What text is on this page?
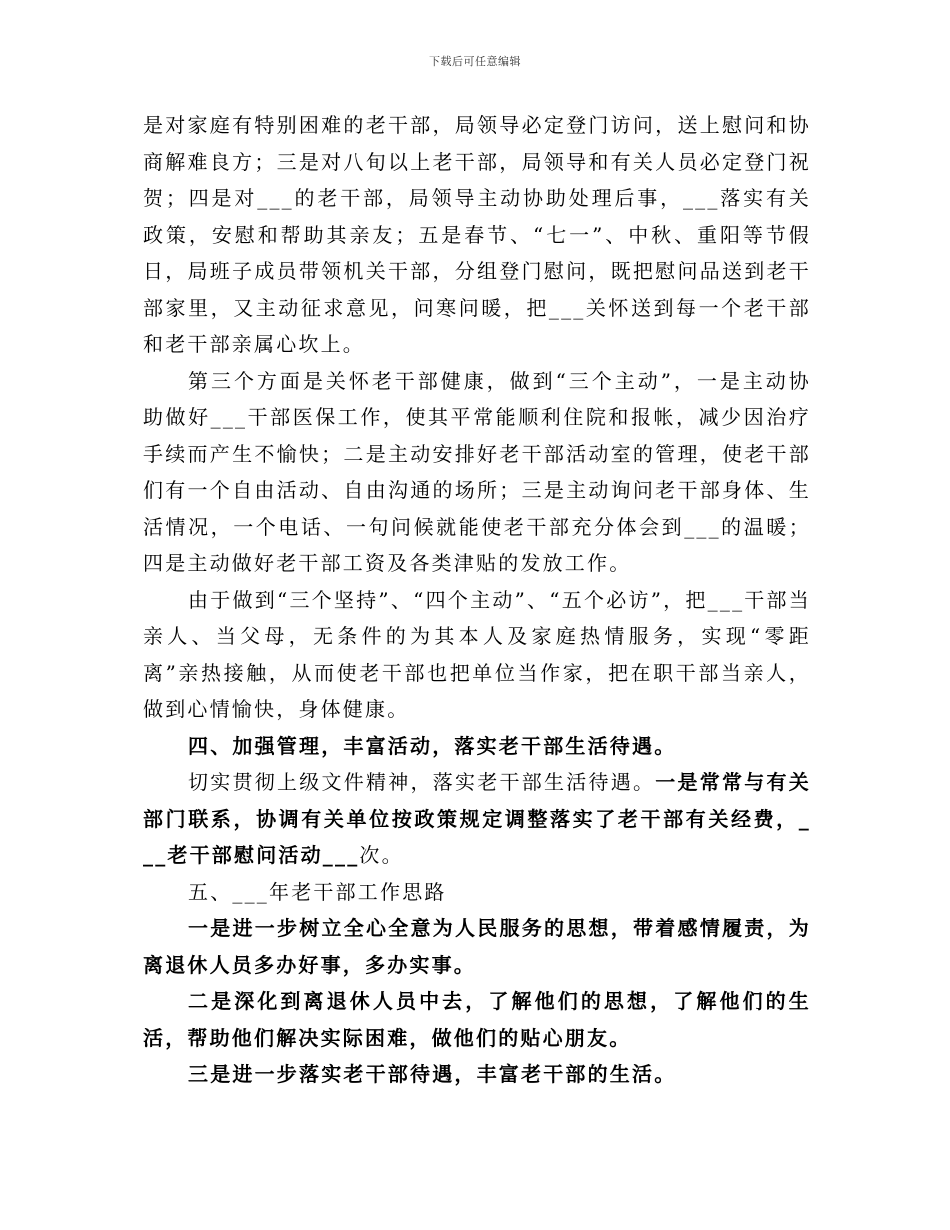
下载后可任意编辑

是对家庭有特别困难的老干部，局领导必定登门访问，送上慰问和协商解难良方；三是对八旬以上老干部，局领导和有关人员必定登门祝贺；四是对___的老干部，局领导主动协助处理后事，___落实有关政策，安慰和帮助其亲友；五是春节、“七一”、中秋、重阳等节假日，局班子成员带领机关干部，分组登门慰问，既把慰问品送到老干部家里，又主动征求意见，问寒问暖，把___关怀送到每一个老干部和老干部亲属心坎上。

第三个方面是关怀老干部健康，做到“三个主动”，一是主动协助做好___干部医保工作，使其平常能顺利住院和报帐，减少因治疗手续而产生不愉快；二是主动安排好老干部活动室的管理，使老干部们有一个自由活动、自由沟通的场所；三是主动询问老干部身体、生活情况，一个电话、一句问候就能使老干部充分体会到___的温暖；四是主动做好老干部工资及各类津贴的发放工作。

由于做到“三个坚持”、“四个主动”、“五个必访”，把___干部当亲人、当父母，无条件的为其本人及家庭热情服务，实现“零距离”亲热接触，从而使老干部也把单位当作家，把在职干部当亲人，做到心情愉快，身体健康。

四、加强管理，丰富活动，落实老干部生活待遇。

切实贯彻上级文件精神，落实老干部生活待遇。一是常常与有关部门联系，协调有关单位按政策规定调整落实了老干部有关经费，___老干部慰问活动___次。

五、___年老干部工作思路

一是进一步树立全心全意为人民服务的思想，带着感情履责，为离退休人员多办好事，多办实事。

二是深化到离退休人员中去，了解他们的思想，了解他们的生活，帮助他们解决实际困难，做他们的贴心朋友。

三是进一步落实老干部待遇，丰富老干部的生活。
